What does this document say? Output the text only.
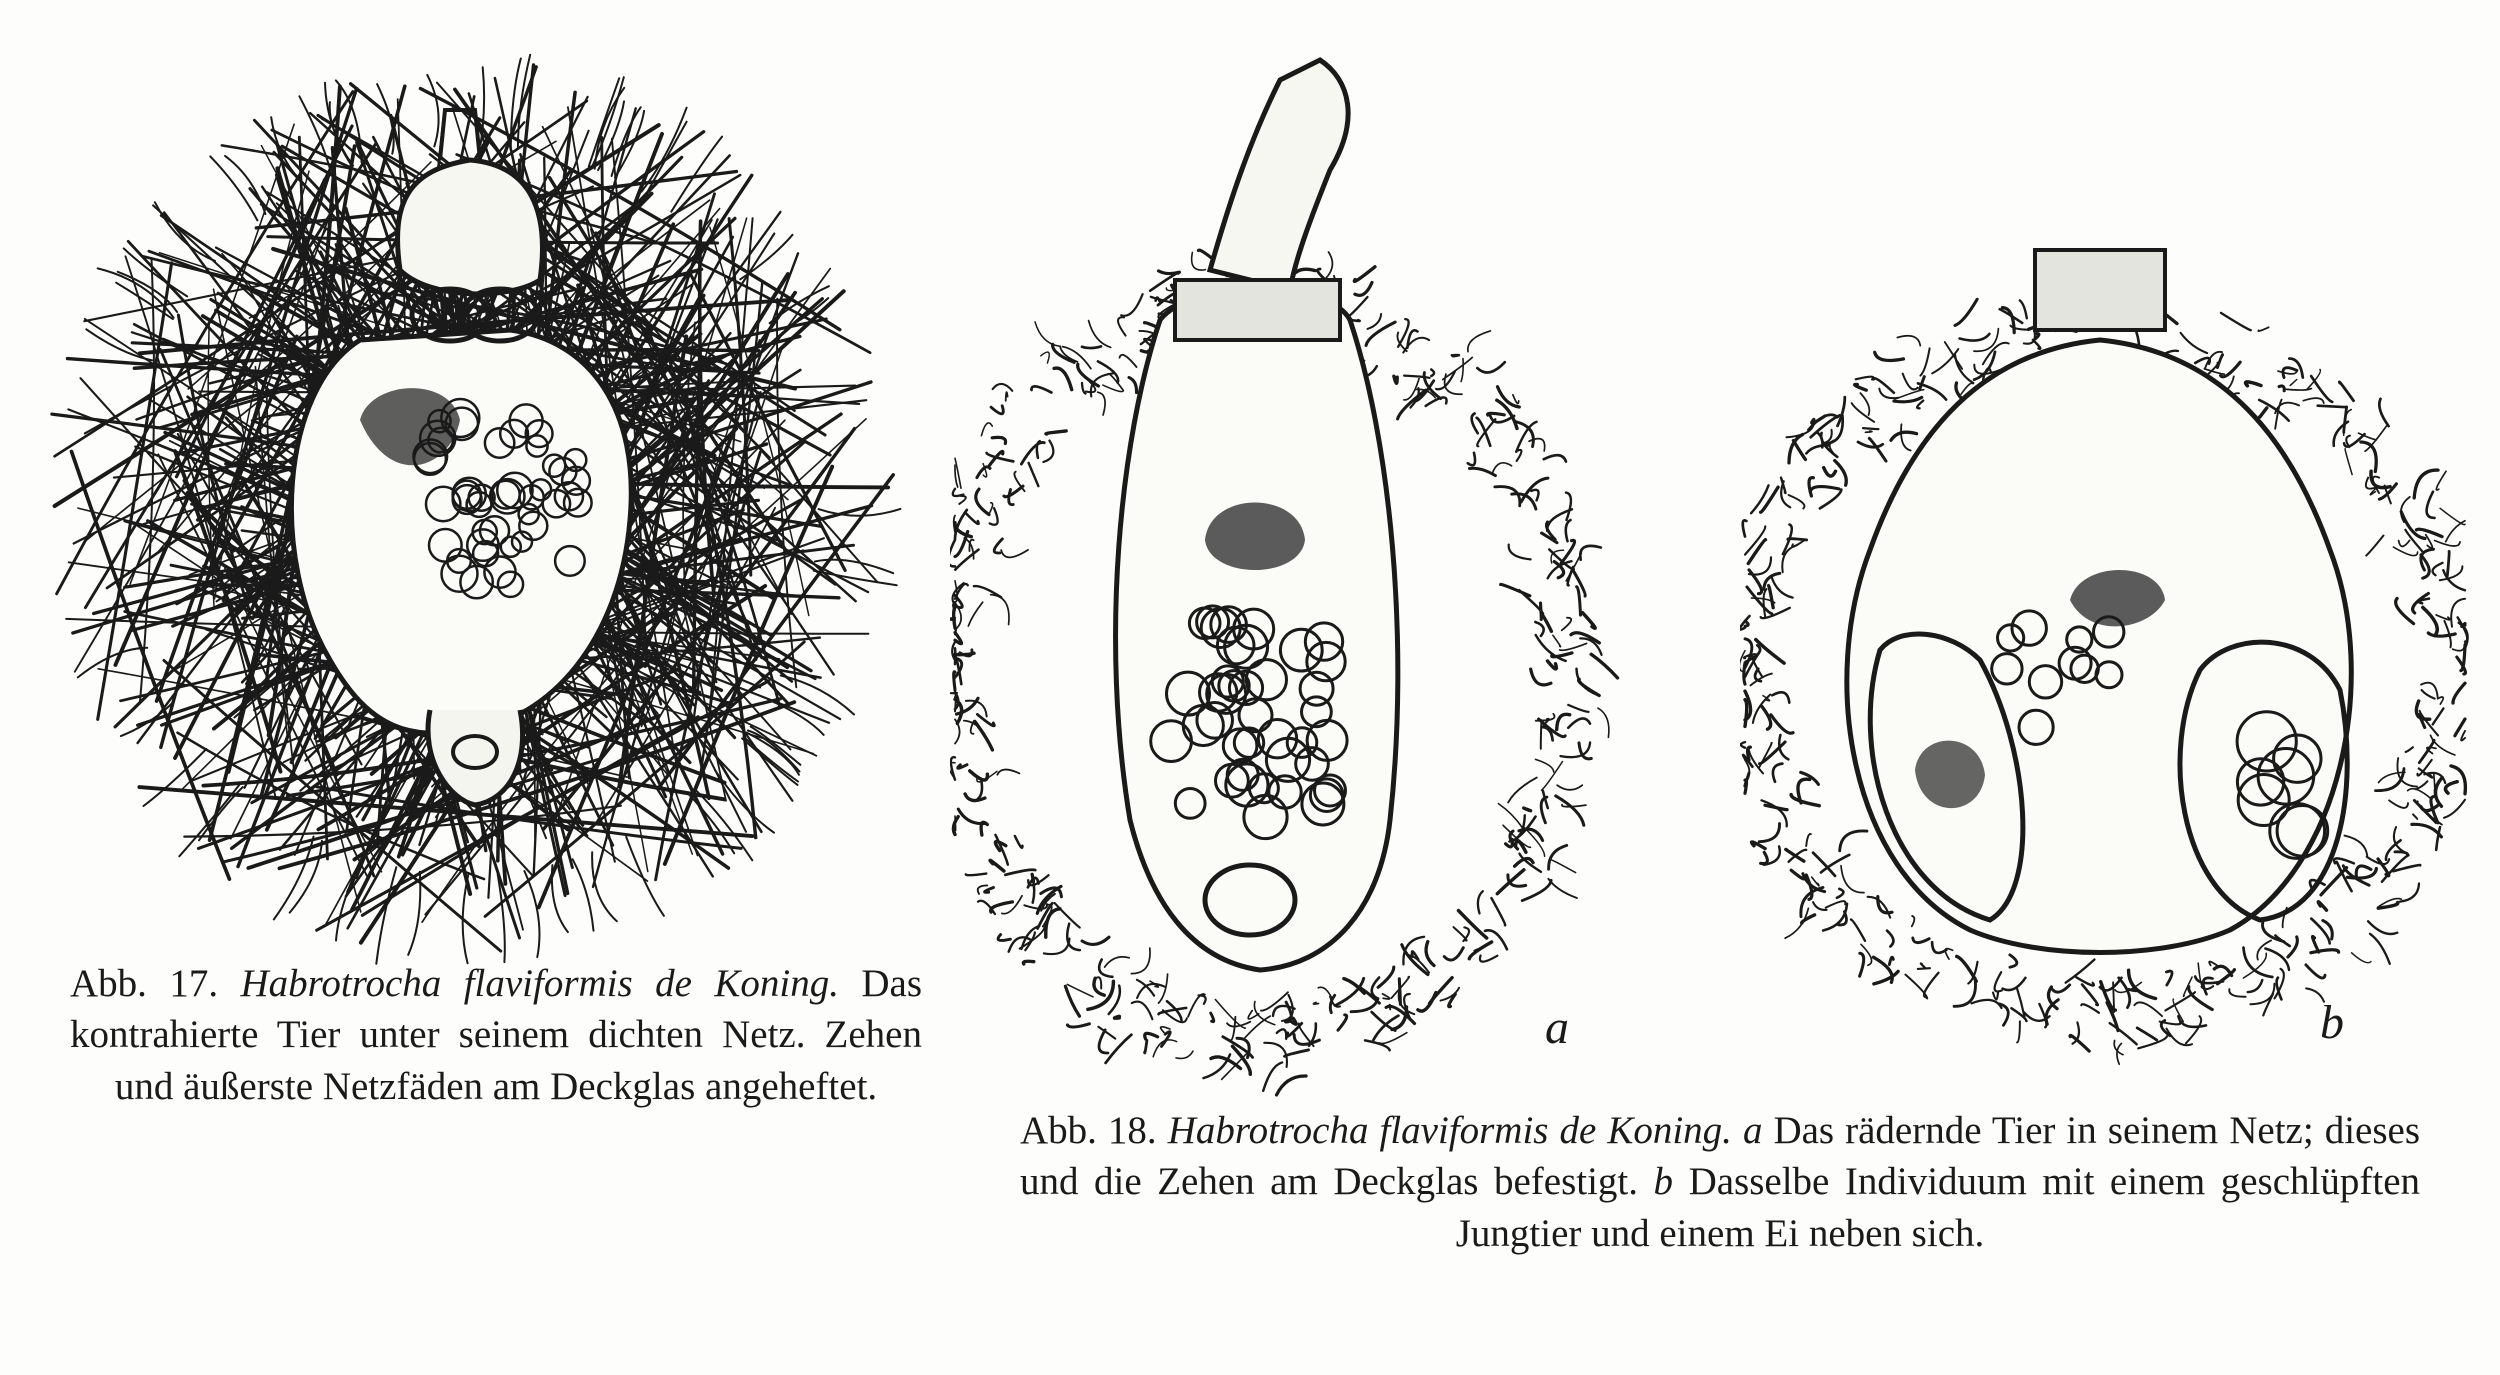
a	b

Abb. 17. Habrotrocha flaviformis de Koning. Das kontrahierte Tier unter seinem dichten Netz. Zehen und äußerste Netzfäden am Deckglas angeheftet.

Abb. 18. Habrotrocha flaviformis de Koning. a Das rädernde Tier in seinem Netz; dieses und die Zehen am Deckglas befestigt. b Dasselbe Individuum mit einem geschlüpften Jungtier und einem Ei neben sich.
